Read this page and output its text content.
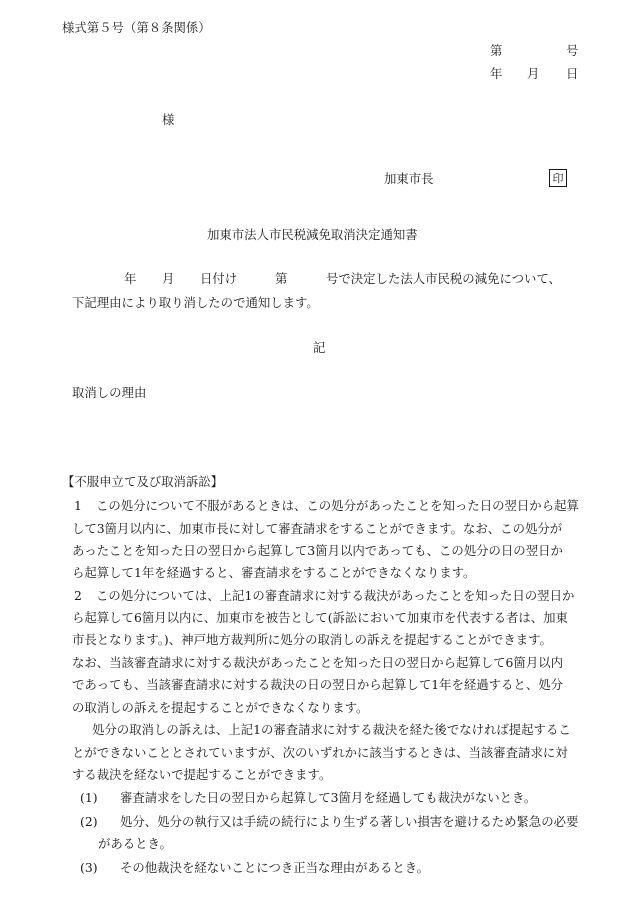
様式第５号（第８条関係）
第	号
年 月 日
様
加東市長	印
加東市法人市民税減免取消決定通知書
年 月 日付け	第	号で決定した法人市民税の減免について、
下記理由により取り消したので通知します。
記
取消しの理由
【不服申立て及び取消訴訟】
1 この処分について不服があるときは、この処分があったことを知った日の翌日から起算
して3箇月以内に、加東市長に対して審査請求をすることができます。なお、この処分が
あったことを知った日の翌日から起算して3箇月以内であっても、この処分の日の翌日か
ら起算して1年を経過すると、審査請求をすることができなくなります。
2 この処分については、上記1の審査請求に対する裁決があったことを知った日の翌日か
ら起算して6箇月以内に、加東市を被告として(訴訟において加東市を代表する者は、加東
市長となります。)、神戸地方裁判所に処分の取消しの訴えを提起することができます。
なお、当該審査請求に対する裁決があったことを知った日の翌日から起算して6箇月以内
であっても、当該審査請求に対する裁決の日の翌日から起算して1年を経過すると、処分
の取消しの訴えを提起することができなくなります。
処分の取消しの訴えは、上記1の審査請求に対する裁決を経た後でなければ提起するこ
とができないこととされていますが、次のいずれかに該当するときは、当該審査請求に対
する裁決を経ないで提起することができます。
(1) 審査請求をした日の翌日から起算して3箇月を経過しても裁決がないとき。
(2) 処分、処分の執行又は手続の続行により生ずる著しい損害を避けるため緊急の必要
があるとき。
(3) その他裁決を経ないことにつき正当な理由があるとき。
